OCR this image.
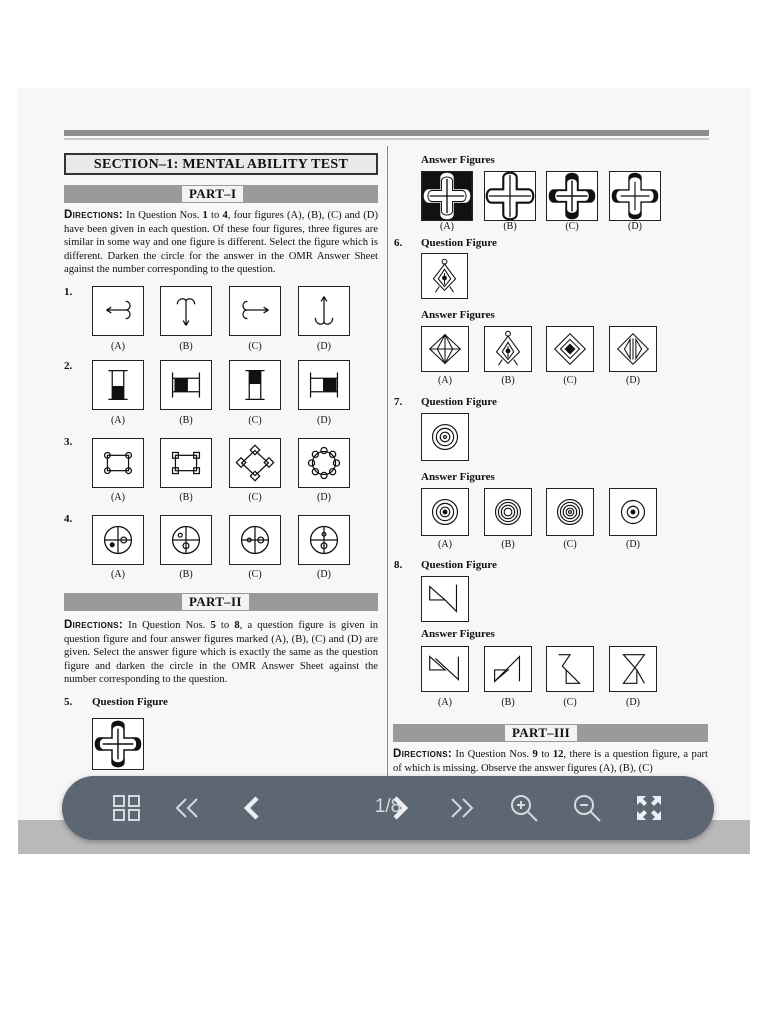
SECTION–1: MENTAL ABILITY TEST
PART–I
Directions: In Question Nos. 1 to 4, four figures (A), (B), (C) and (D) have been given in each question. Of these four figures, three figures are similar in some way and one figure is different. Select the figure which is different. Darken the circle for the answer in the OMR Answer Sheet against the number corresponding to the question.
1.
(A)	(B)	(C)	(D)
2.
(A)	(B)	(C)	(D)
3.
(A)	(B)	(C)	(D)
4.
(A)	(B)	(C)	(D)
PART–II
Directions: In Question Nos. 5 to 8, a question figure is given in question figure and four answer figures marked (A), (B), (C) and (D) are given. Select the answer figure which is exactly the same as the question figure and darken the circle in the OMR Answer Sheet against the number corresponding to the question.
5. Question Figure
Answer Figures
(A)	(B)	(C)	(D)
6. Question Figure
Answer Figures
(A)	(B)	(C)	(D)
7. Question Figure
Answer Figures
(A)	(B)	(C)	(D)
8. Question Figure
Answer Figures
(A)	(B)	(C)	(D)
PART–III
Directions: In Question Nos. 9 to 12, there is a question figure, a part of which is missing. Observe the answer figures (A), (B), (C)
1/8
